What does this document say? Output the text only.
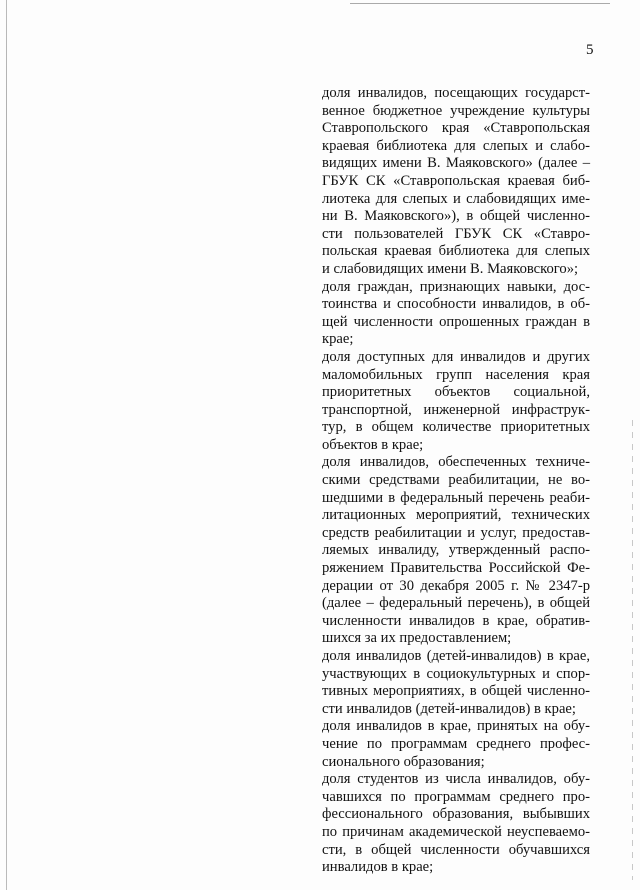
5
доля инвалидов, посещающих государст-
венное бюджетное учреждение культуры
Ставропольского края «Ставропольская
краевая библиотека для слепых и слабо-
видящих имени В. Маяковского» (далее –
ГБУК СК «Ставропольская краевая биб-
лиотека для слепых и слабовидящих име-
ни В. Маяковского»), в общей численно-
сти пользователей ГБУК СК «Ставро-
польская краевая библиотека для слепых
и слабовидящих имени В. Маяковского»;
доля граждан, признающих навыки, дос-
тоинства и способности инвалидов, в об-
щей численности опрошенных граждан в
крае;
доля доступных для инвалидов и других
маломобильных групп населения края
приоритетных объектов социальной,
транспортной, инженерной инфраструк-
тур, в общем количестве приоритетных
объектов в крае;
доля инвалидов, обеспеченных техниче-
скими средствами реабилитации, не во-
шедшими в федеральный перечень реаби-
литационных мероприятий, технических
средств реабилитации и услуг, предостав-
ляемых инвалиду, утвержденный распо-
ряжением Правительства Российской Фе-
дерации от 30 декабря 2005 г. № 2347-р
(далее – федеральный перечень), в общей
численности инвалидов в крае, обратив-
шихся за их предоставлением;
доля инвалидов (детей-инвалидов) в крае,
участвующих в социокультурных и спор-
тивных мероприятиях, в общей численно-
сти инвалидов (детей-инвалидов) в крае;
доля инвалидов в крае, принятых на обу-
чение по программам среднего профес-
сионального образования;
доля студентов из числа инвалидов, обу-
чавшихся по программам среднего про-
фессионального образования, выбывших
по причинам академической неуспеваемо-
сти, в общей численности обучавшихся
инвалидов в крае;
